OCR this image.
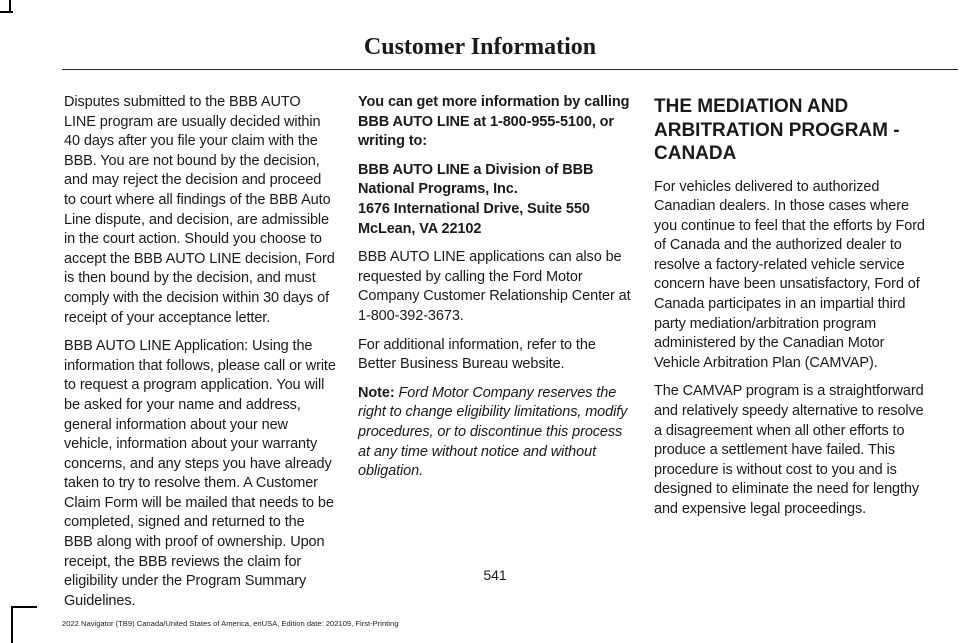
Customer Information

Disputes submitted to the BBB AUTO LINE program are usually decided within 40 days after you file your claim with the BBB. You are not bound by the decision, and may reject the decision and proceed to court where all findings of the BBB Auto Line dispute, and decision, are admissible in the court action. Should you choose to accept the BBB AUTO LINE decision, Ford is then bound by the decision, and must comply with the decision within 30 days of receipt of your acceptance letter.

BBB AUTO LINE Application: Using the information that follows, please call or write to request a program application. You will be asked for your name and address, general information about your new vehicle, information about your warranty concerns, and any steps you have already taken to try to resolve them. A Customer Claim Form will be mailed that needs to be completed, signed and returned to the BBB along with proof of ownership. Upon receipt, the BBB reviews the claim for eligibility under the Program Summary Guidelines.

You can get more information by calling BBB AUTO LINE at 1-800-955-5100, or writing to:

BBB AUTO LINE a Division of BBB National Programs, Inc.
1676 International Drive, Suite 550
McLean, VA 22102

BBB AUTO LINE applications can also be requested by calling the Ford Motor Company Customer Relationship Center at 1-800-392-3673.

For additional information, refer to the Better Business Bureau website.

Note: Ford Motor Company reserves the right to change eligibility limitations, modify procedures, or to discontinue this process at any time without notice and without obligation.

THE MEDIATION AND
ARBITRATION PROGRAM -
CANADA

For vehicles delivered to authorized Canadian dealers. In those cases where you continue to feel that the efforts by Ford of Canada and the authorized dealer to resolve a factory-related vehicle service concern have been unsatisfactory, Ford of Canada participates in an impartial third party mediation/arbitration program administered by the Canadian Motor Vehicle Arbitration Plan (CAMVAP).

The CAMVAP program is a straightforward and relatively speedy alternative to resolve a disagreement when all other efforts to produce a settlement have failed. This procedure is without cost to you and is designed to eliminate the need for lengthy and expensive legal proceedings.

541
2022 Navigator (TB9) Canada/United States of America, enUSA, Edition date: 202109, First-Printing
